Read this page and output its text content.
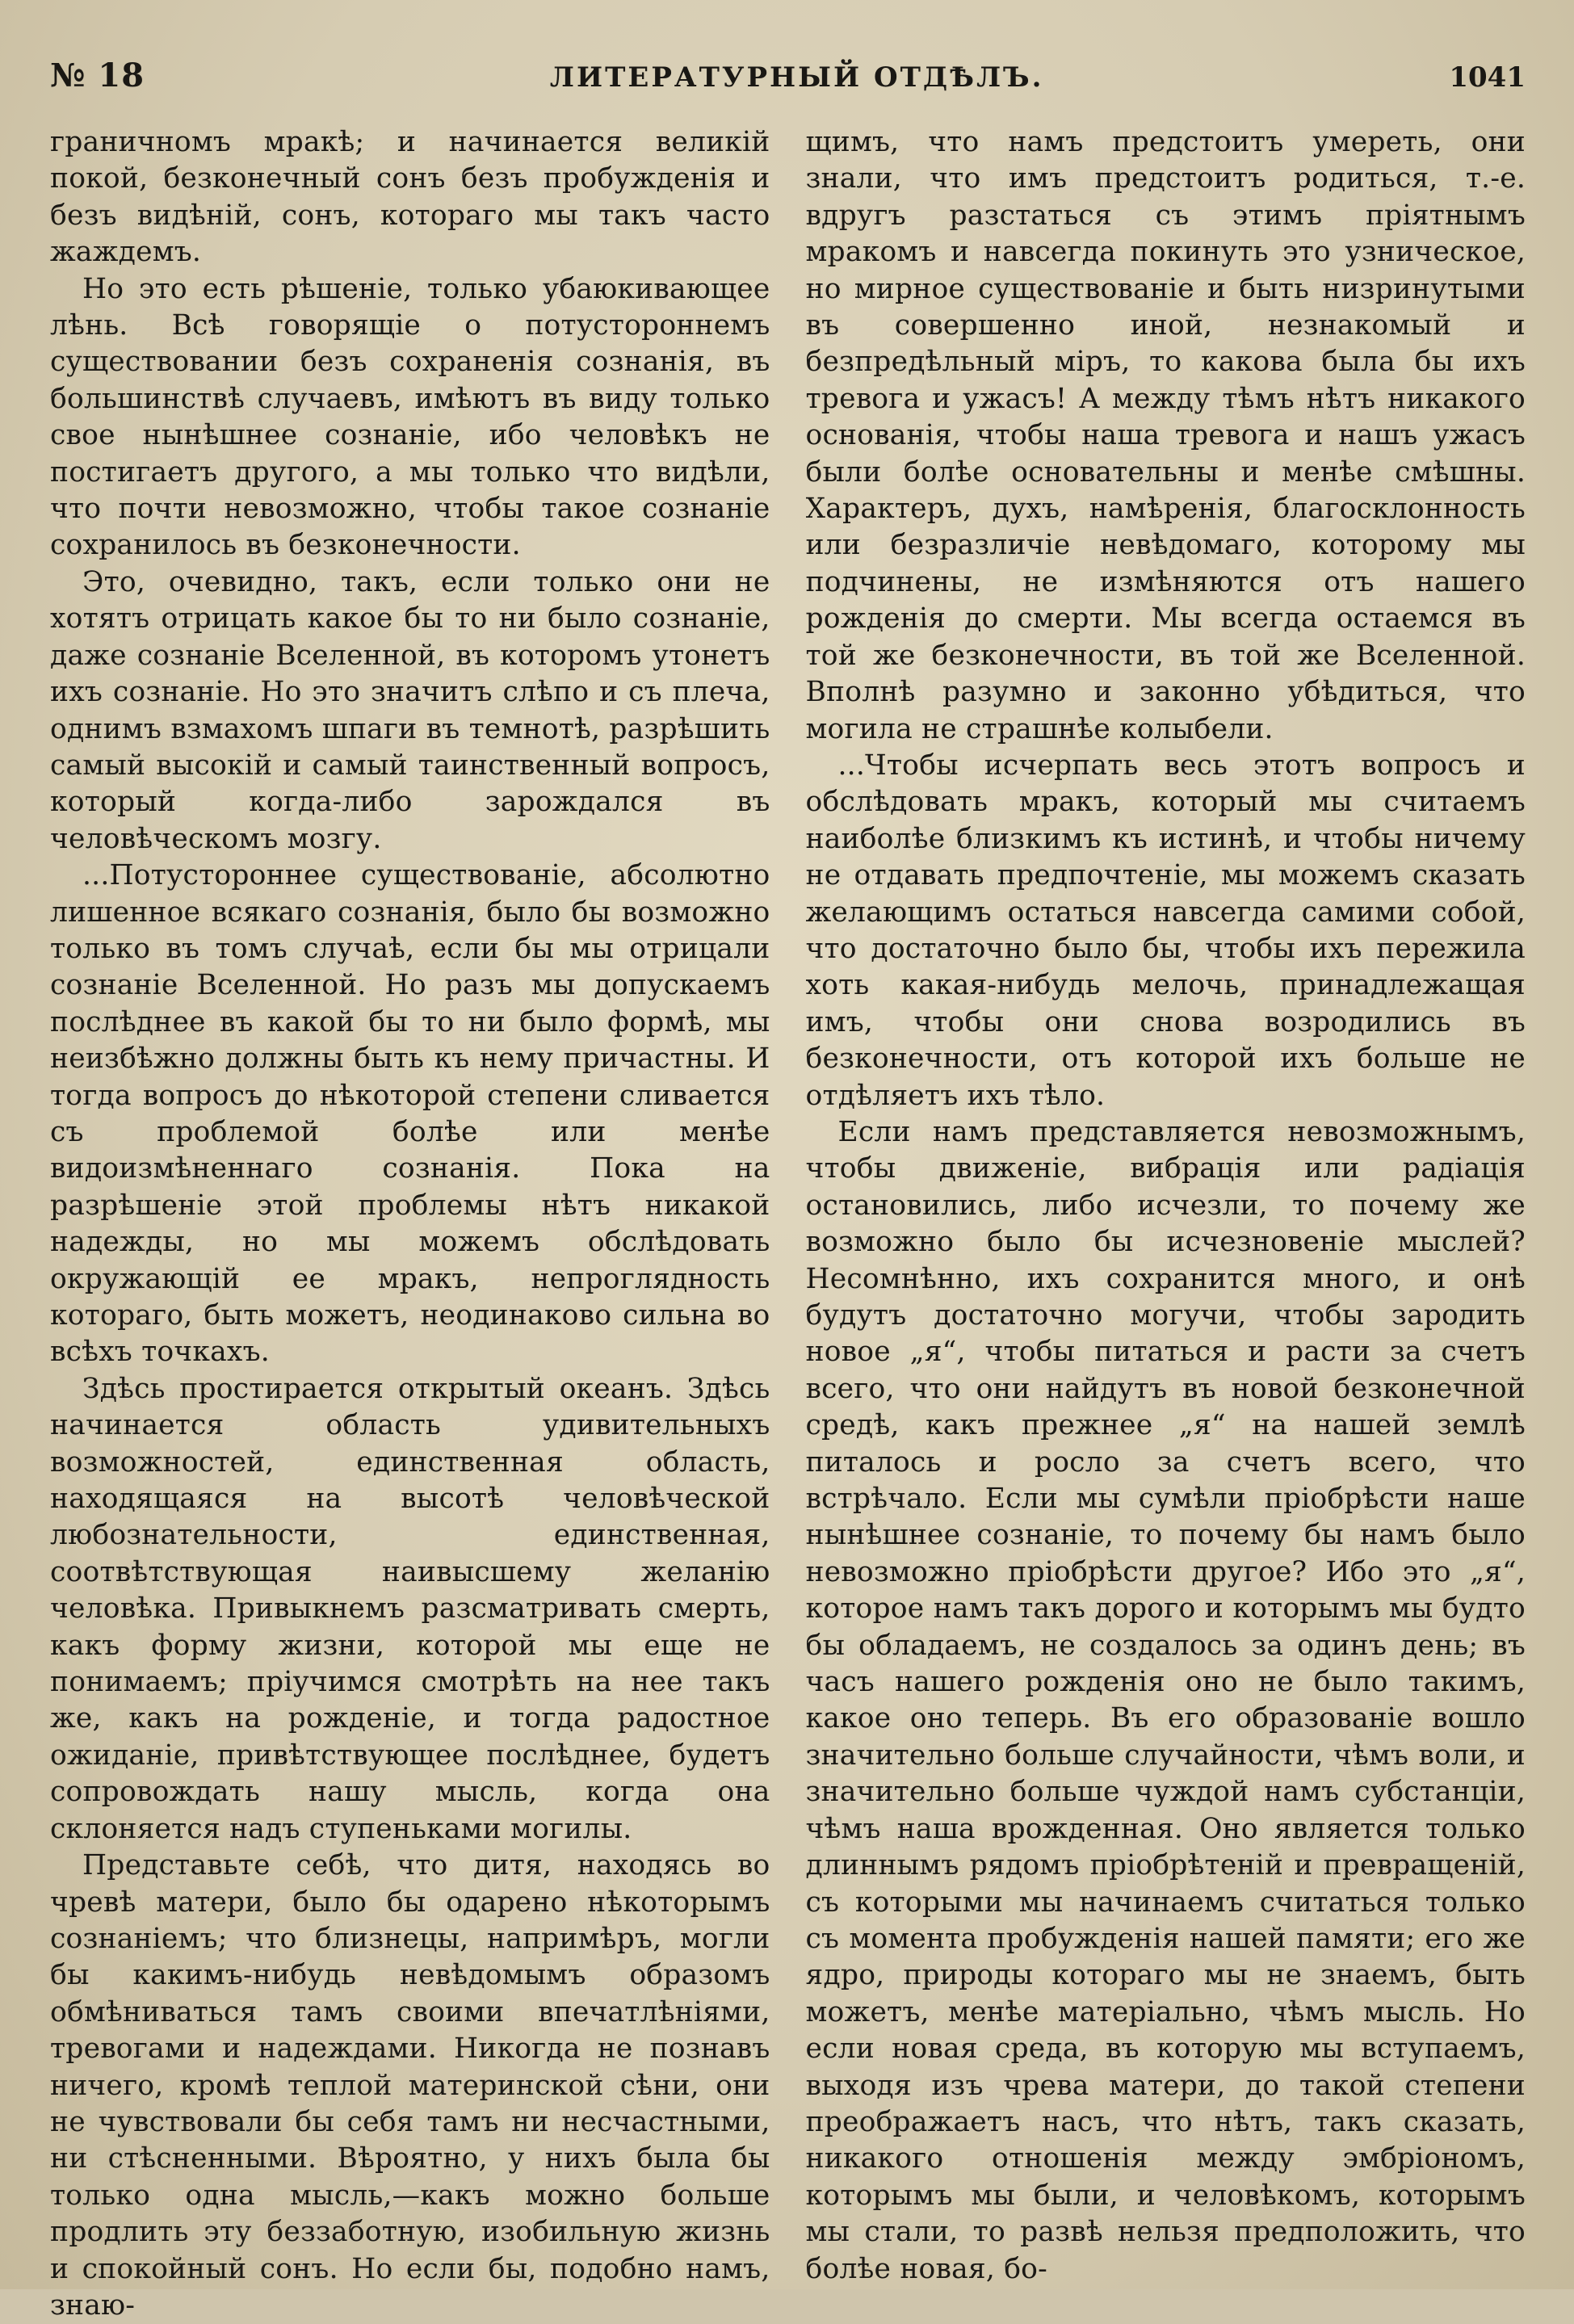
№ 18	ЛИТЕРАТУРНЫЙ ОТДѢЛЪ.	1041

граничномъ мракѣ; и начинается великiй покой, безконечный сонъ безъ пробужденiя и безъ видѣнiй, сонъ, котораго мы такъ часто жаждемъ.

Но это есть рѣшенiе, только убаюкивающее лѣнь. Всѣ говорящiе о потустороннемъ существовании безъ сохраненiя сознанiя, въ большинствѣ случаевъ, имѣютъ въ виду только свое нынѣшнее сознанiе, ибо человѣкъ не постигаетъ другого, а мы только что видѣли, что почти невозможно, чтобы такое сознанiе сохранилось въ безконечности.

Это, очевидно, такъ, если только они не хотятъ отрицать какое бы то ни было сознанiе, даже сознанiе Вселенной, въ которомъ утонетъ ихъ сознанiе. Но это значитъ слѣпо и съ плеча, однимъ взмахомъ шпаги въ темнотѣ, разрѣшить самый высокiй и самый таинственный вопросъ, который когда-либо зарождался въ человѣческомъ мозгу.

...Потустороннее существованiе, абсолютно лишенное всякаго сознанiя, было бы возможно только въ томъ случаѣ, если бы мы отрицали сознанiе Вселенной. Но разъ мы допускаемъ послѣднее въ какой бы то ни было формѣ, мы неизбѣжно должны быть къ нему причастны. И тогда вопросъ до нѣкоторой степени сливается съ проблемой болѣе или менѣе видоизмѣненнаго сознанiя. Пока на разрѣшенiе этой проблемы нѣтъ никакой надежды, но мы можемъ обслѣдовать окружающiй ее мракъ, непроглядность котораго, быть можетъ, неодинаково сильна во всѣхъ точкахъ.

Здѣсь простирается открытый океанъ. Здѣсь начинается область удивительныхъ возможностей, единственная область, находящаяся на высотѣ человѣческой любознательности, единственная, соотвѣтствующая наивысшему желанiю человѣка. Привыкнемъ разсматривать смерть, какъ форму жизни, которой мы еще не понимаемъ; прiучимся смотрѣть на нее такъ же, какъ на рожденiе, и тогда радостное ожиданiе, привѣтствующее послѣднее, будетъ сопровождать нашу мысль, когда она склоняется надъ ступеньками могилы.

Представьте себѣ, что дитя, находясь во чревѣ матери, было бы одарено нѣкоторымъ сознанiемъ; что близнецы, напримѣръ, могли бы какимъ-нибудь невѣдомымъ образомъ обмѣниваться тамъ своими впечатлѣнiями, тревогами и надеждами. Никогда не познавъ ничего, кромѣ теплой материнской сѣни, они не чувствовали бы себя тамъ ни несчастными, ни стѣсненными. Вѣроятно, у нихъ была бы только одна мысль,—какъ можно больше продлить эту беззаботную, изобильную жизнь и спокойный сонъ. Но если бы, подобно намъ, знаю-

щимъ, что намъ предстоитъ умереть, они знали, что имъ предстоитъ родиться, т.-е. вдругъ разстаться съ этимъ прiятнымъ мракомъ и навсегда покинуть это узническое, но мирное существованiе и быть низринутыми въ совершенно иной, незнакомый и безпредѣльный мiръ, то какова была бы ихъ тревога и ужасъ! А между тѣмъ нѣтъ никакого основанiя, чтобы наша тревога и нашъ ужасъ были болѣе основательны и менѣе смѣшны. Характеръ, духъ, намѣренiя, благосклонность или безразличiе невѣдомаго, которому мы подчинены, не измѣняются отъ нашего рожденiя до смерти. Мы всегда остаемся въ той же безконечности, въ той же Вселенной. Вполнѣ разумно и законно убѣдиться, что могила не страшнѣе колыбели.

...Чтобы исчерпать весь этотъ вопросъ и обслѣдовать мракъ, который мы считаемъ наиболѣе близкимъ къ истинѣ, и чтобы ничему не отдавать предпочтенiе, мы можемъ сказать желающимъ остаться навсегда самими собой, что достаточно было бы, чтобы ихъ пережила хоть какая-нибудь мелочь, принадлежащая имъ, чтобы они снова возродились въ безконечности, отъ которой ихъ больше не отдѣляетъ ихъ тѣло.

Если намъ представляется невозможнымъ, чтобы движенiе, вибрацiя или радiацiя остановились, либо исчезли, то почему же возможно было бы исчезновенiе мыслей? Несомнѣнно, ихъ сохранится много, и онѣ будутъ достаточно могучи, чтобы зародить новое „я“, чтобы питаться и расти за счетъ всего, что они найдутъ въ новой безконечной средѣ, какъ прежнее „я“ на нашей землѣ питалось и росло за счетъ всего, что встрѣчало. Если мы сумѣли прiобрѣсти наше нынѣшнее сознанiе, то почему бы намъ было невозможно прiобрѣсти другое? Ибо это „я“, которое намъ такъ дорого и которымъ мы будто бы обладаемъ, не создалось за одинъ день; въ часъ нашего рожденiя оно не было такимъ, какое оно теперь. Въ его образованiе вошло значительно больше случайности, чѣмъ воли, и значительно больше чуждой намъ субстанцiи, чѣмъ наша врожденная. Оно является только длиннымъ рядомъ прiобрѣтенiй и превращенiй, съ которыми мы начинаемъ считаться только съ момента пробужденiя нашей памяти; его же ядро, природы котораго мы не знаемъ, быть можетъ, менѣе матерiально, чѣмъ мысль. Но если новая среда, въ которую мы вступаемъ, выходя изъ чрева матери, до такой степени преображаетъ насъ, что нѣтъ, такъ сказать, никакого отношенiя между эмбрiономъ, которымъ мы были, и человѣкомъ, которымъ мы стали, то развѣ нельзя предположить, что болѣе новая, бо-
